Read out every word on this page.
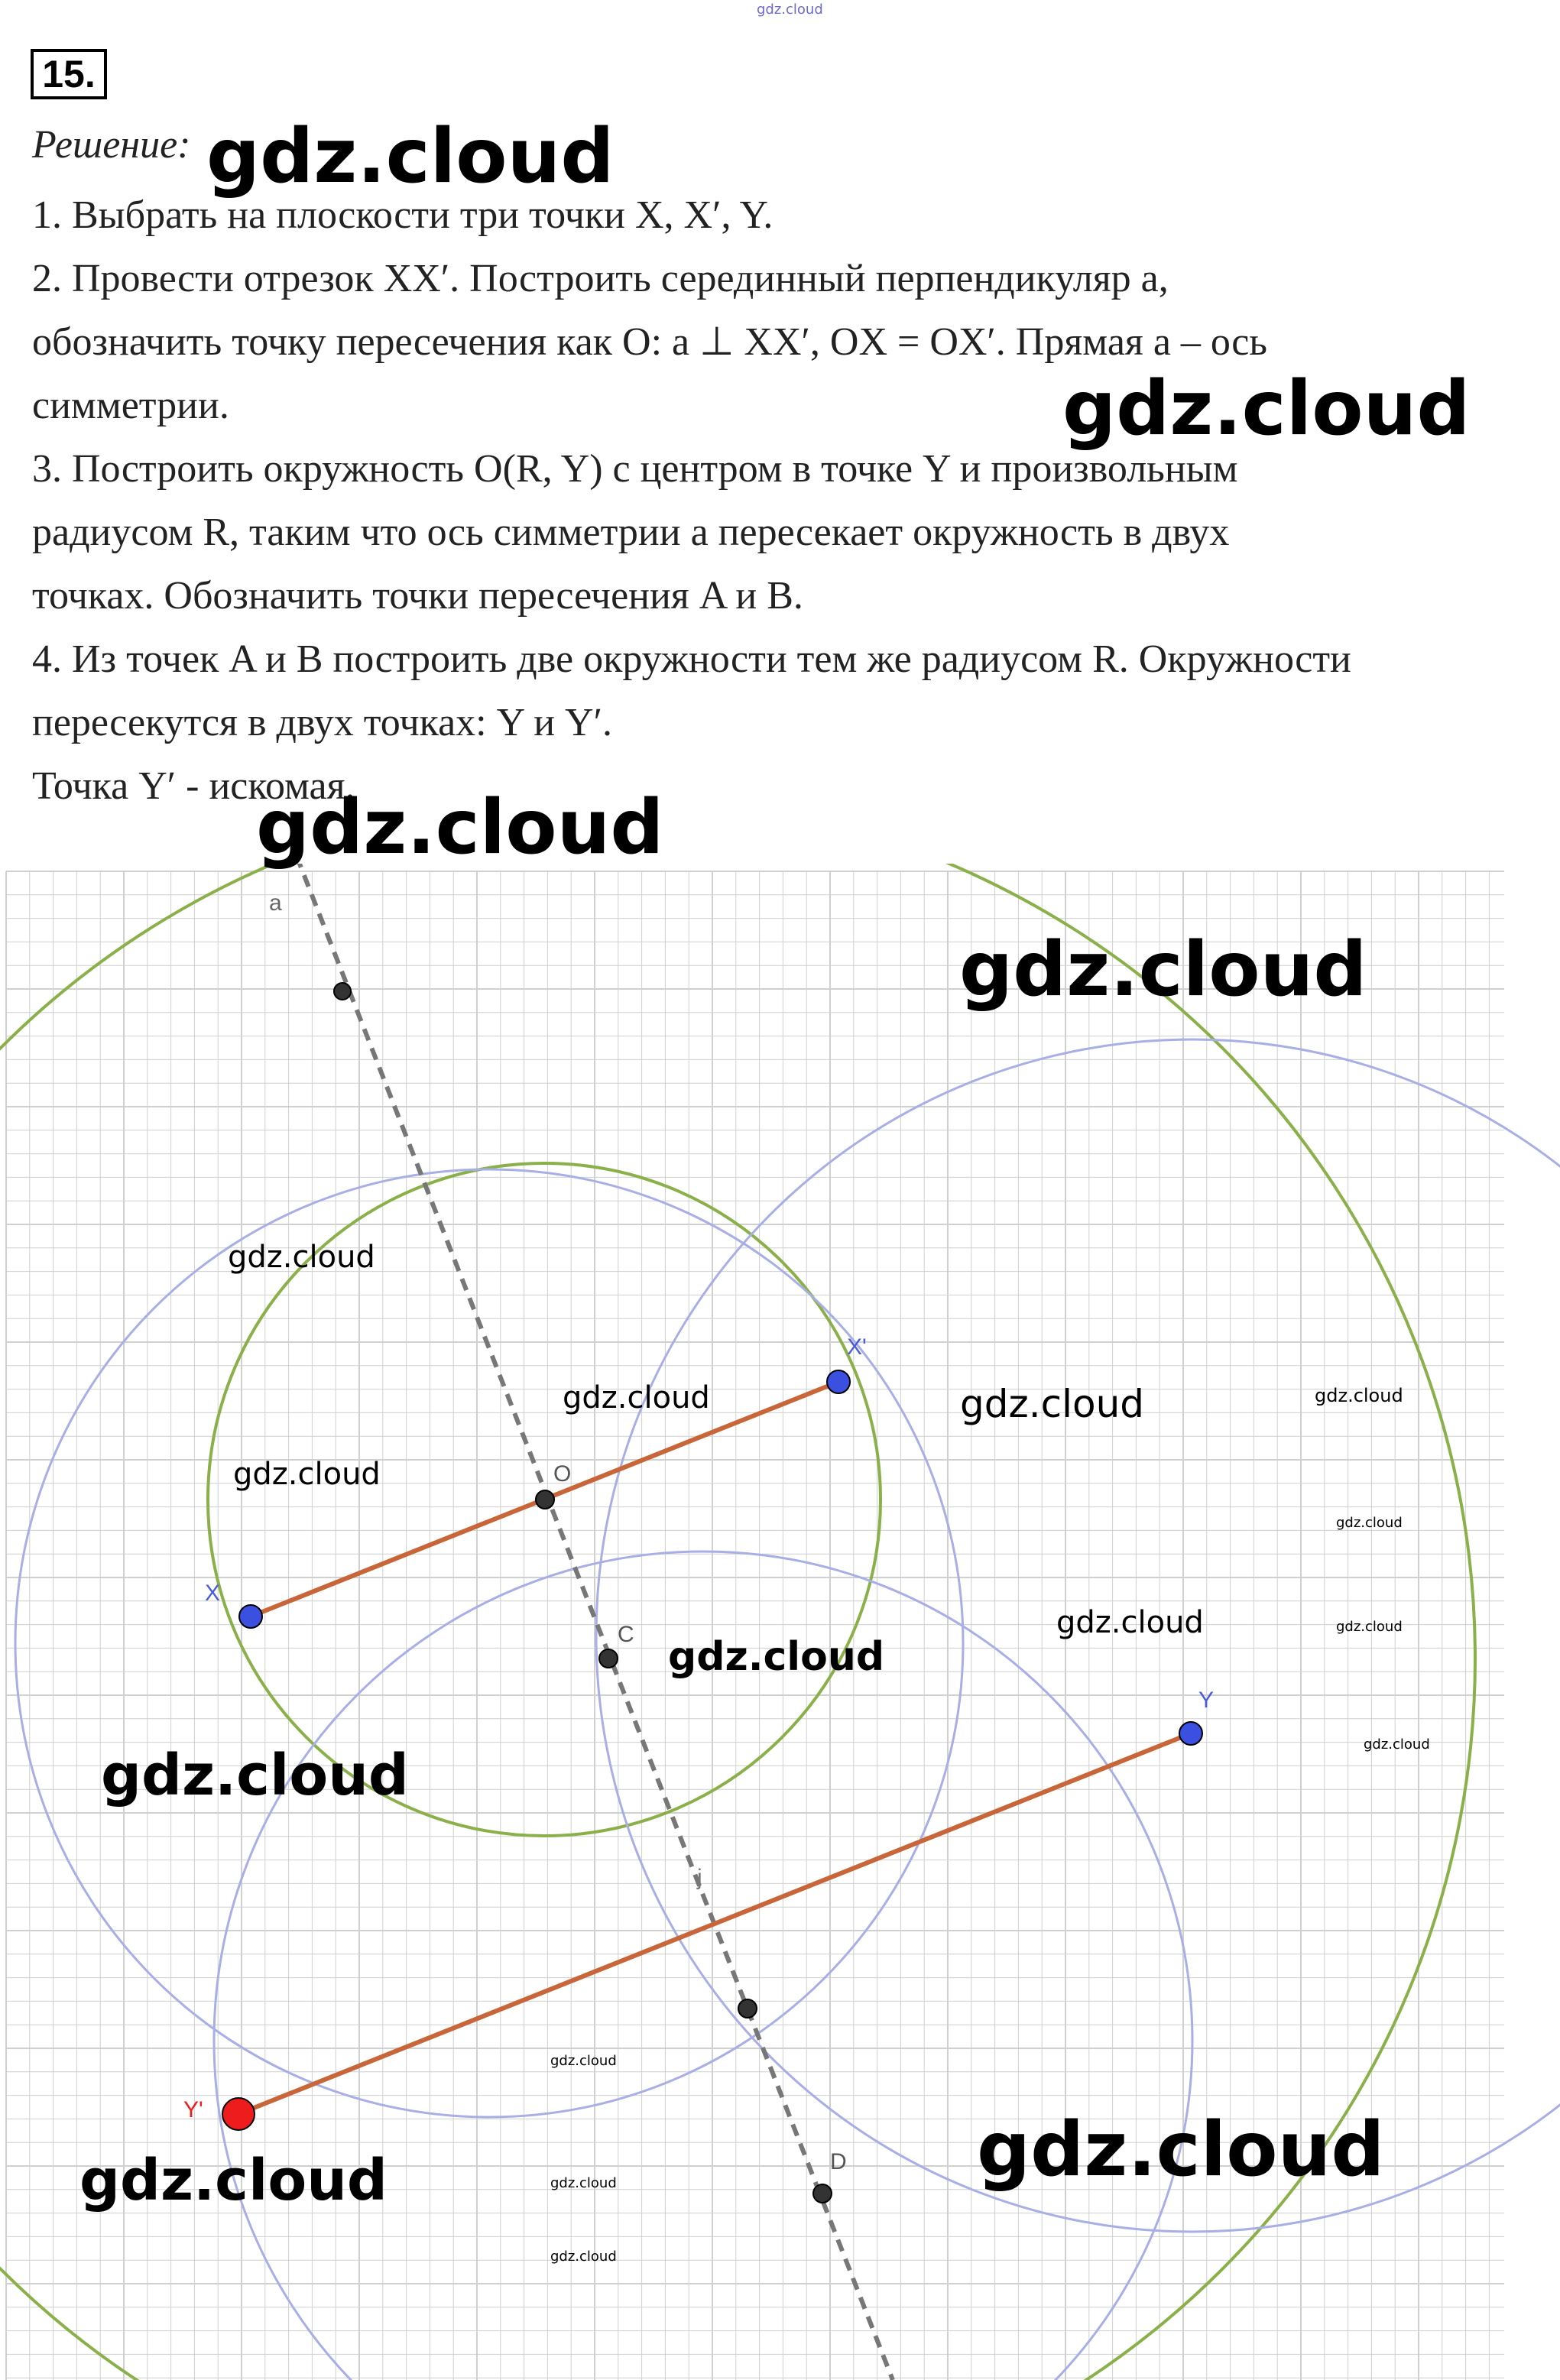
15.
Решение:
1. Выбрать на плоскости три точки X, X′, Y.
2. Провести отрезок XX′. Построить серединный перпендикуляр a,
обозначить точку пересечения как O: a ⊥ XX′, OX = OX′. Прямая a – ось
симметрии.
3. Построить окружность O(R, Y) с центром в точке Y и произвольным
радиусом R, таким что ось симметрии a пересекает окружность в двух
точках. Обозначить точки пересечения A и B.
4. Из точек A и B построить две окружности тем же радиусом R. Окружности
пересекутся в двух точках: Y и Y′.
Точка Y′ - искомая.
a
X'
O
X
C
Y
j
Y'
D
gdz.cloud
gdz.cloud
gdz.cloud
gdz.cloud
gdz.cloud
gdz.cloud
gdz.cloud
gdz.cloud
gdz.cloud	gdz.cloud
gdz.cloud
gdz.cloud	gdz.cloud
gdz.cloud
gdz.cloud
gdz.cloud
gdz.cloud
gdz.cloud
gdz.cloud	gdz.cloud
gdz.cloud
